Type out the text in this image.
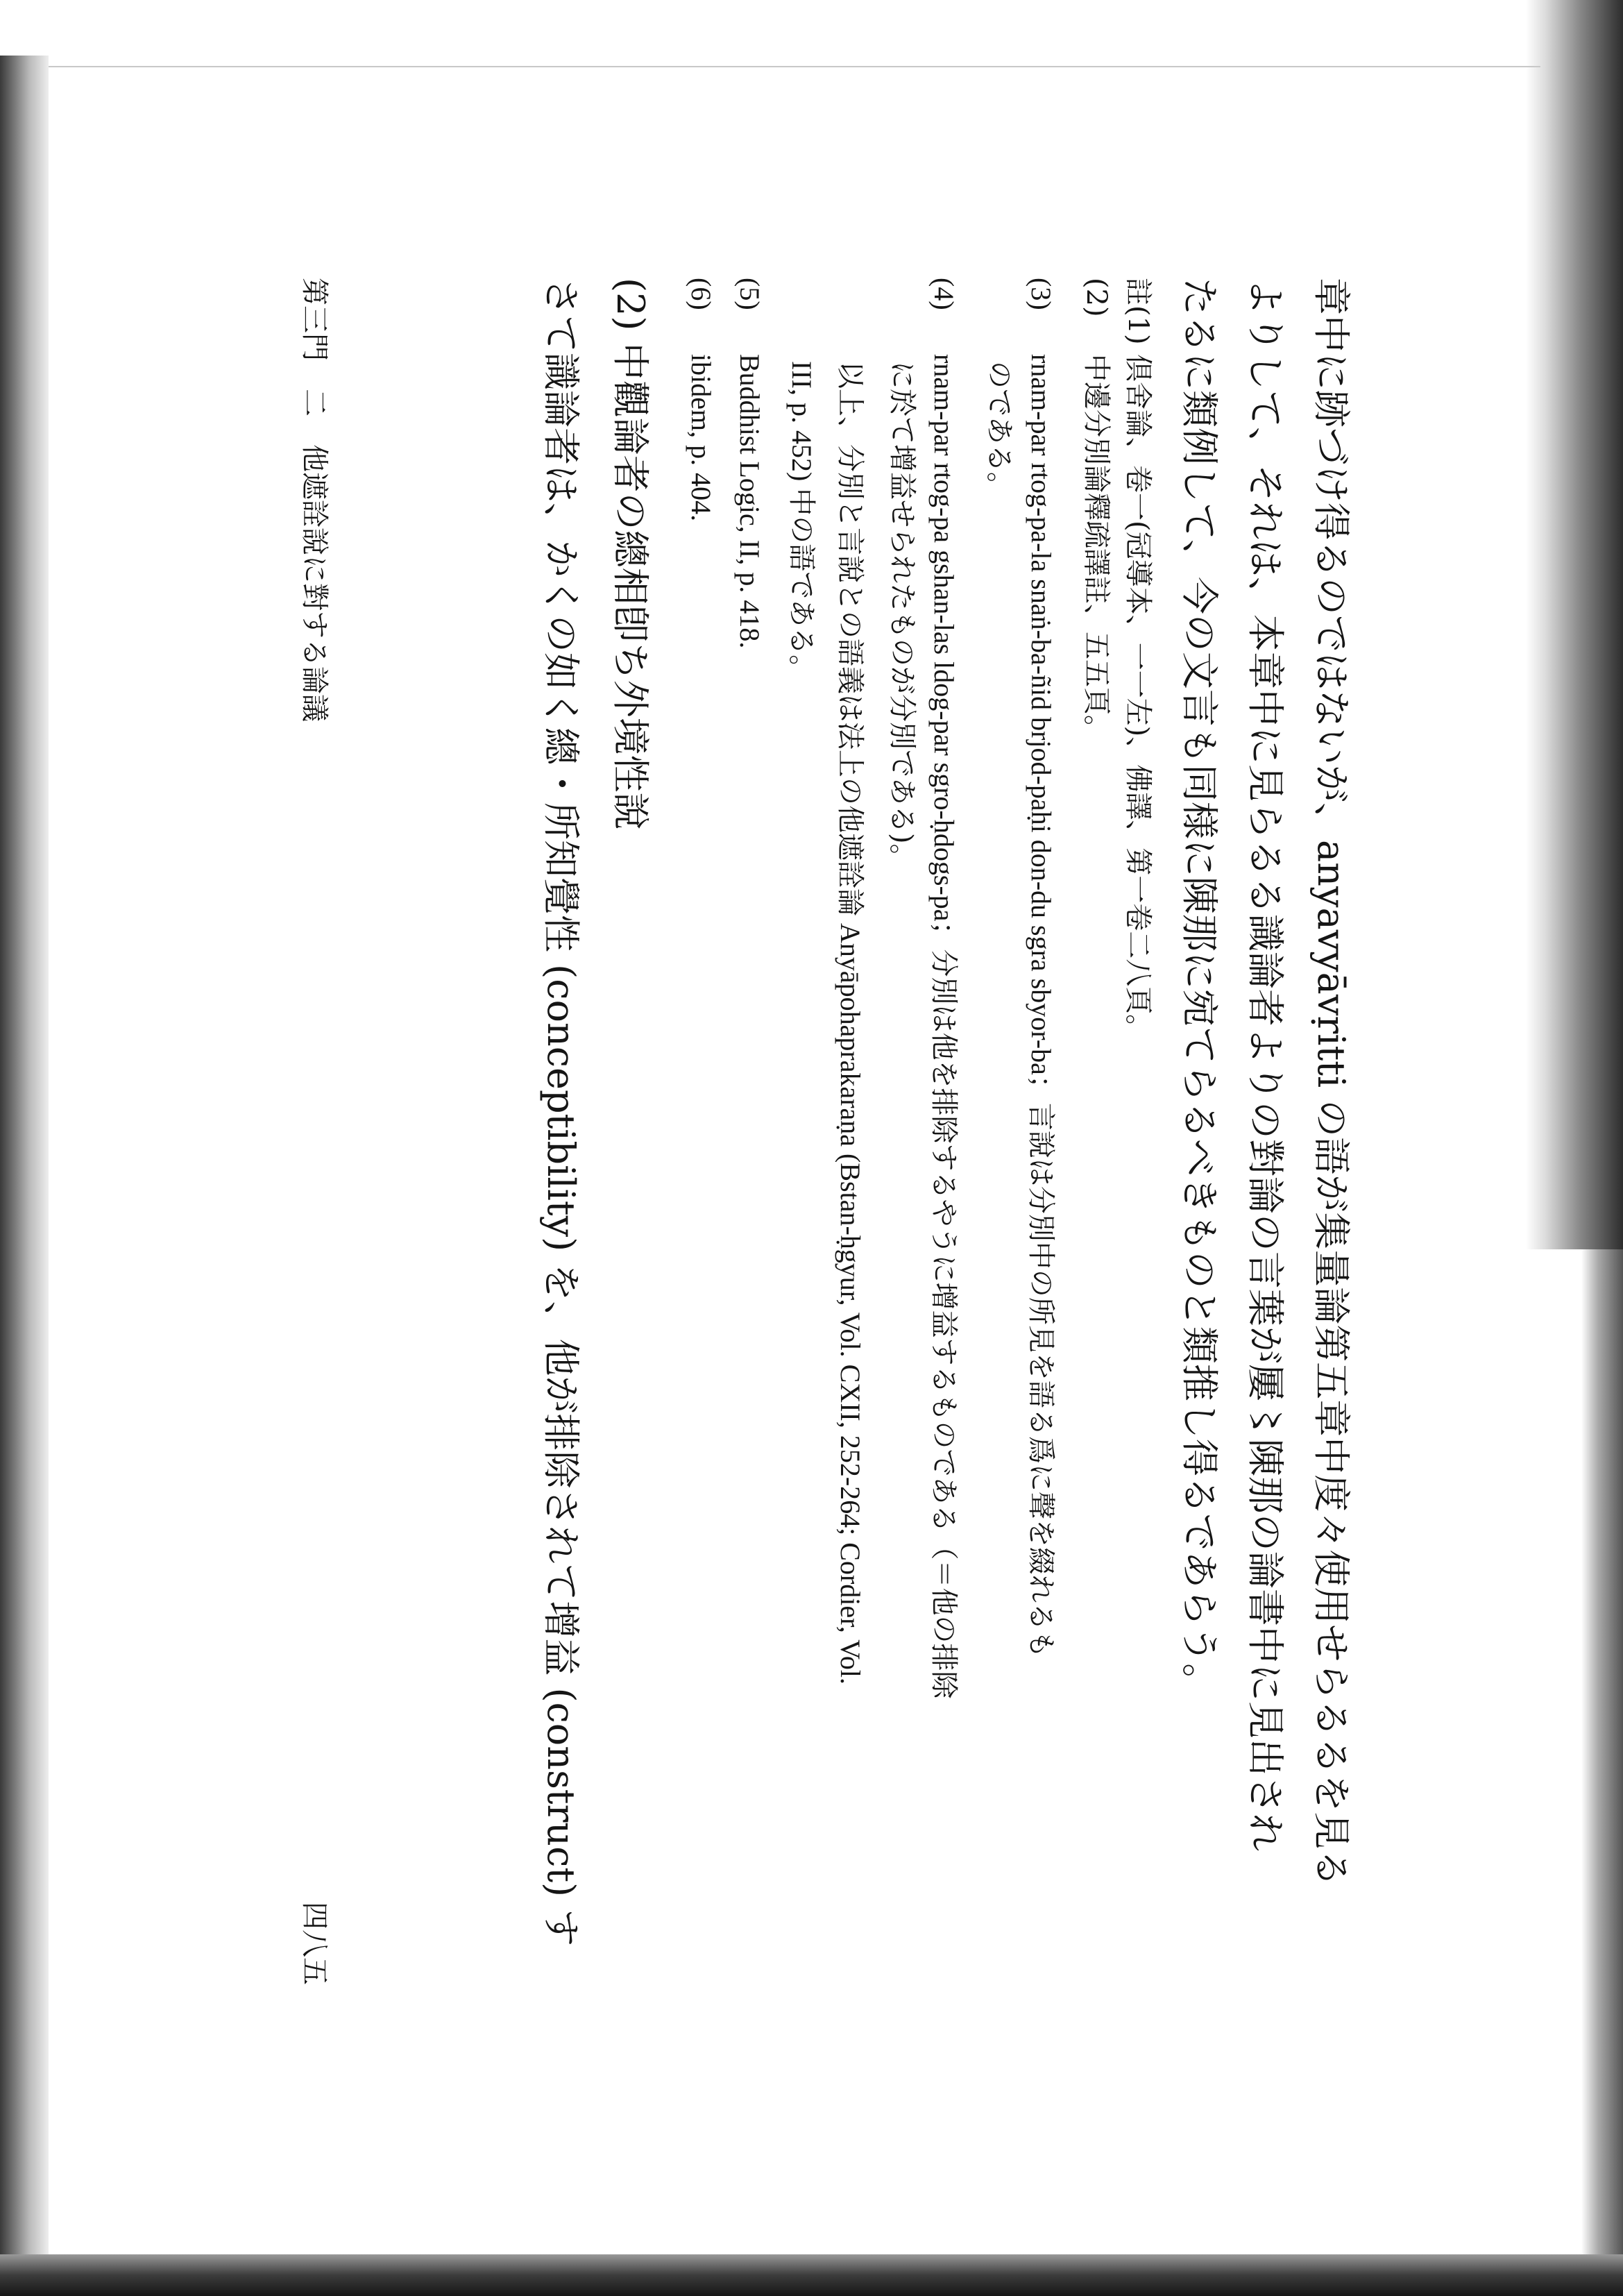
章中に跡づけ得るのではないが、anyavyāvṛitti の語が集量論第五章中度々使用せらるるを見る
よりして、それは、本章中に見らるる識論者よりの對論の言葉が屢〻陳那の論書中に見出され
たるに類例して、今の文言も同様に陳那に宛てらるべきものと類推し得るであらう。
註(1)倶舍論、卷一(冠導本、一一左)、佛譯、第一卷二八頁。
(2)中邊分別論釋疏譯註、五五頁。
(3)rnam-par rtog-pa-la snaṅ-ba-ñid brjod-paḥi don-du sgra sbyor-ba；言說は分別中の所見を語る爲に聲を綴れるも
のである。
(4)rnam-par rtog-pa gshan-las ldog-par sgro-ḥdogs-pa；分別は他を排除するやうに增益するものである（＝他の排除
に於て增益せられたものが分別である)。
以上、分別と言說との語義は法上の他遮詮論 Anyāpohaprakaraṇa (Bstan-ḥgyur, Vol. CXII, 252-264; Cordier, Vol.
III, p. 452) 中の語である。
(5)Buddhist Logic, II, p. 418.
(6)ibidem, p. 404.
(2) 中觀論者の總相卽ち外境性說
さて識論者は、かくの如く總・所知覺性 (conceptibility) を、他が排除されて增益 (construct) す
第三門　二　他遮詮說に對する論議
四八五
